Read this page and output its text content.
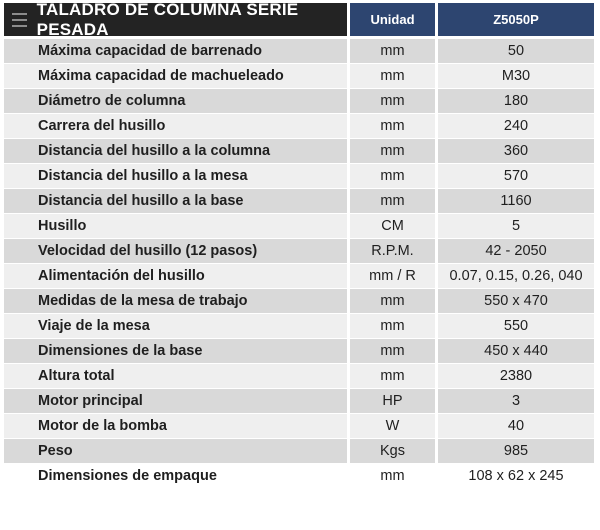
TALADRO DE COLUMNA SERIE PESADA	Unidad	Z5050P
Máxima capacidad de barrenado	mm	50
Máxima capacidad de machueleado	mm	M30
Diámetro de columna	mm	180
Carrera del husillo	mm	240
Distancia del husillo a la columna	mm	360
Distancia del husillo a la mesa	mm	570
Distancia del husillo a la base	mm	1160
Husillo	CM	5
Velocidad del husillo (12 pasos)	R.P.M.	42 - 2050
Alimentación del husillo	mm / R	0.07, 0.15, 0.26, 040
Medidas de la mesa de trabajo	mm	550 x 470
Viaje de la mesa	mm	550
Dimensiones de la base	mm	450 x 440
Altura total	mm	2380
Motor principal	HP	3
Motor de la bomba	W	40
Peso	Kgs	985
Dimensiones de empaque	mm	108 x 62 x 245
